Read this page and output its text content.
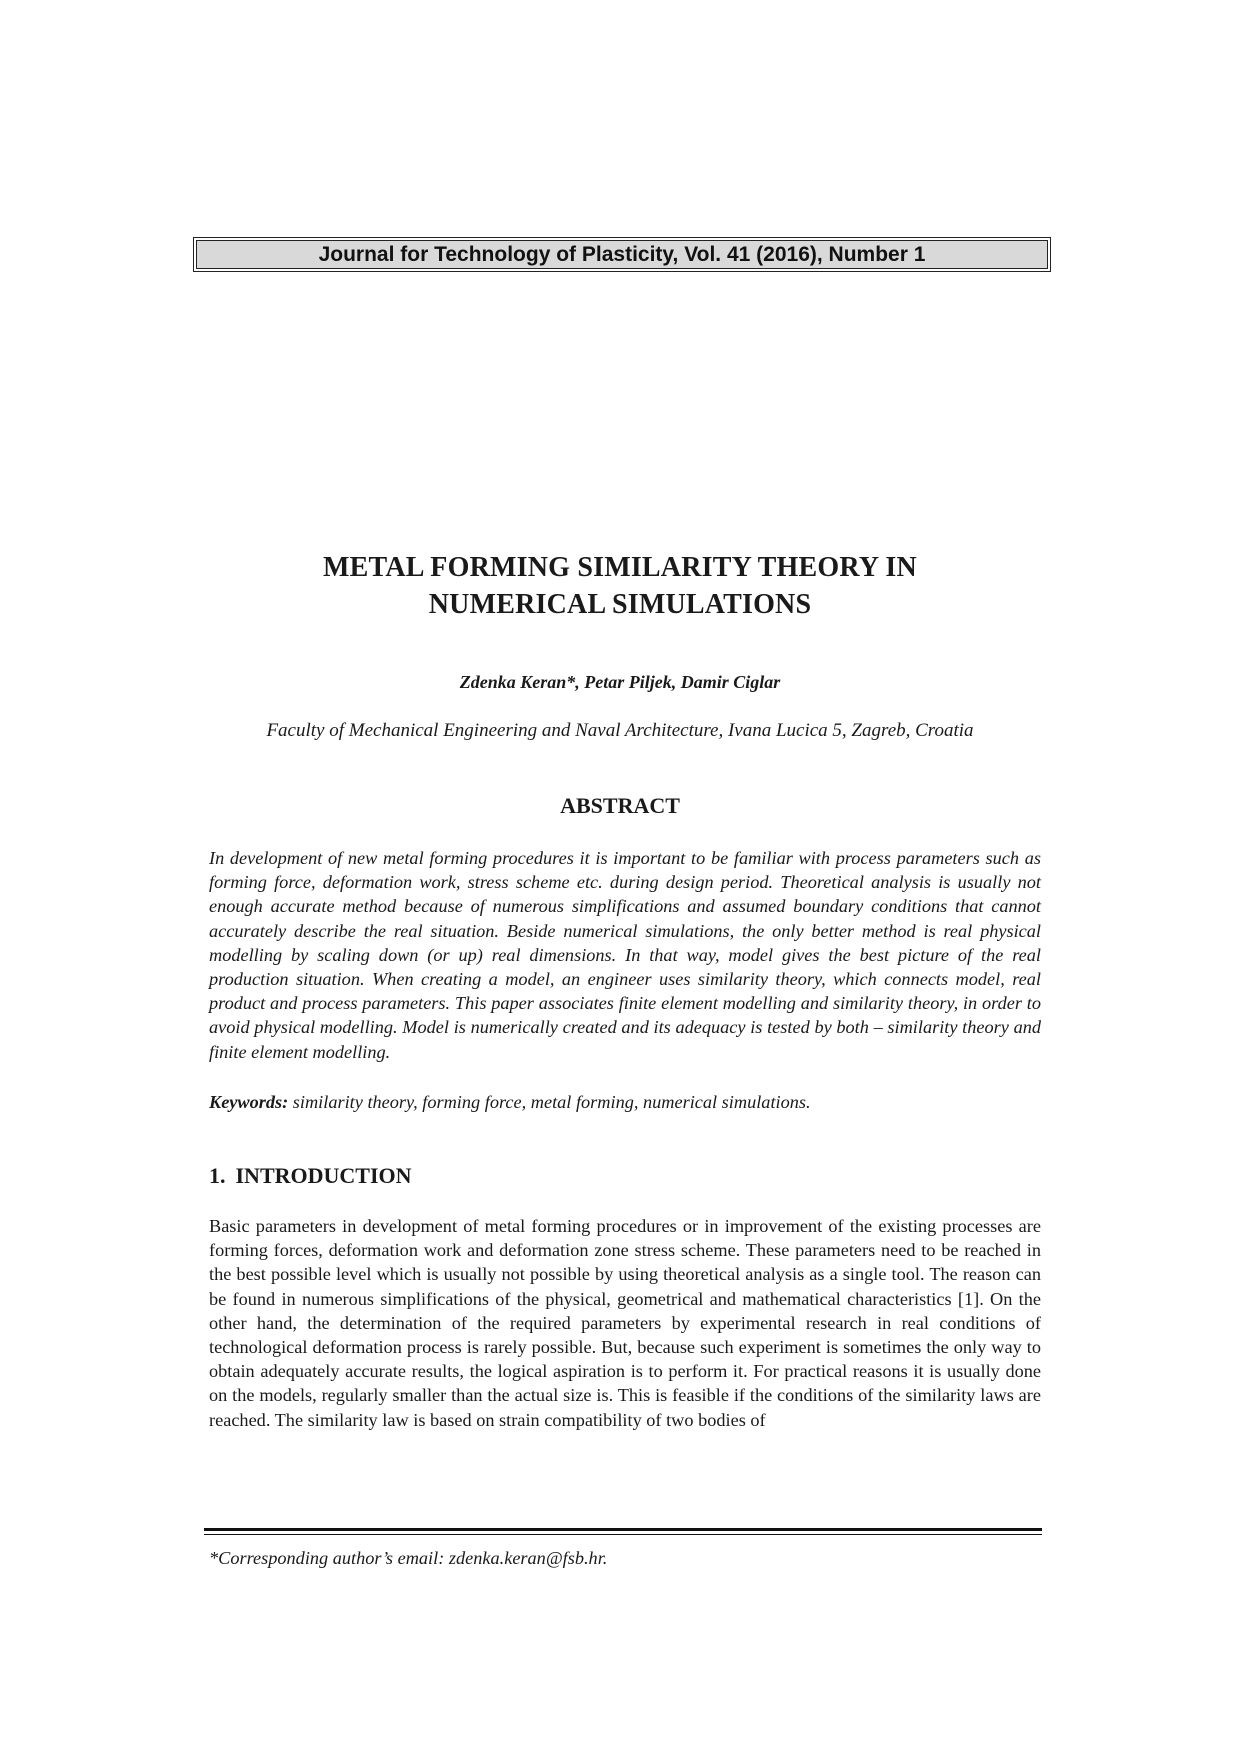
Journal for Technology of Plasticity, Vol. 41 (2016), Number 1
METAL FORMING SIMILARITY THEORY IN
NUMERICAL SIMULATIONS
Zdenka Keran*, Petar Piljek, Damir Ciglar
Faculty of Mechanical Engineering and Naval Architecture, Ivana Lucica 5, Zagreb, Croatia
ABSTRACT

In development of new metal forming procedures it is important to be familiar with process parameters such as forming force, deformation work, stress scheme etc. during design period. Theoretical analysis is usually not enough accurate method because of numerous simplifications and assumed boundary conditions that cannot accurately describe the real situation. Beside numerical simulations, the only better method is real physical modelling by scaling down (or up) real dimensions. In that way, model gives the best picture of the real production situation. When creating a model, an engineer uses similarity theory, which connects model, real product and process parameters. This paper associates finite element modelling and similarity theory, in order to avoid physical modelling. Model is numerically created and its adequacy is tested by both – similarity theory and finite element modelling.

Keywords: similarity theory, forming force, metal forming, numerical simulations.

1. INTRODUCTION

Basic parameters in development of metal forming procedures or in improvement of the existing processes are forming forces, deformation work and deformation zone stress scheme. These parameters need to be reached in the best possible level which is usually not possible by using theoretical analysis as a single tool. The reason can be found in numerous simplifications of the physical, geometrical and mathematical characteristics [1]. On the other hand, the determination of the required parameters by experimental research in real conditions of technological deformation process is rarely possible. But, because such experiment is sometimes the only way to obtain adequately accurate results, the logical aspiration is to perform it. For practical reasons it is usually done on the models, regularly smaller than the actual size is. This is feasible if the conditions of the similarity laws are reached. The similarity law is based on strain compatibility of two bodies of

*Corresponding author’s email: zdenka.keran@fsb.hr.
